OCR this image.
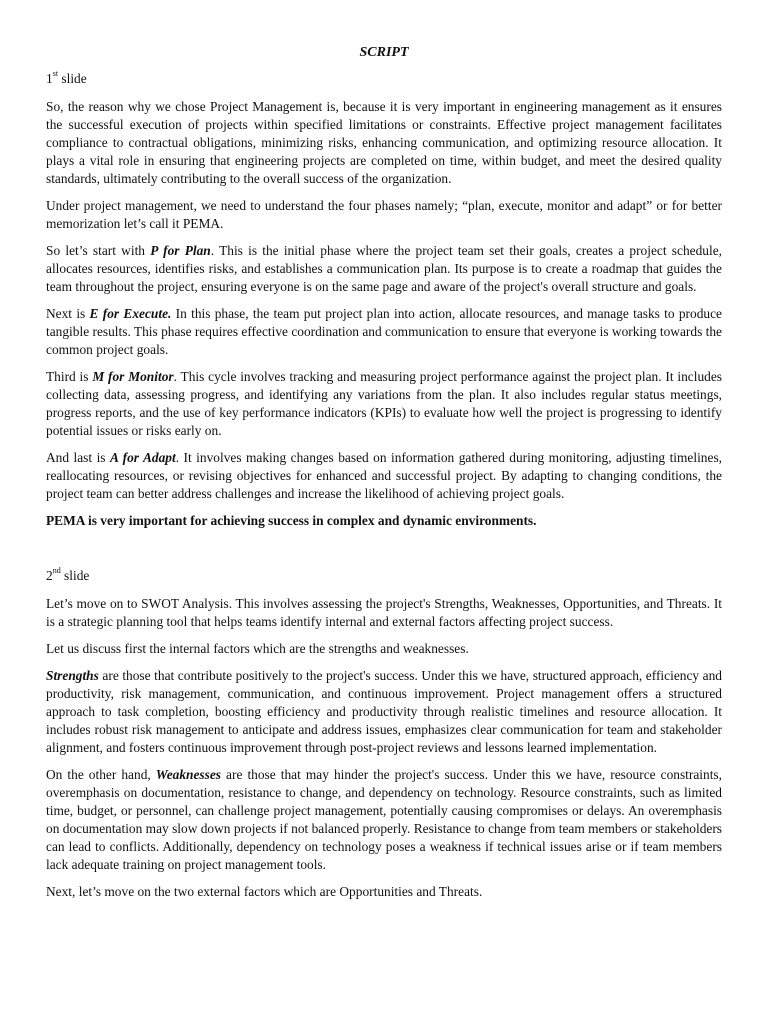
SCRIPT
1st slide

So, the reason why we chose Project Management is, because it is very important in engineering management as it ensures the successful execution of projects within specified limitations or constraints. Effective project management facilitates compliance to contractual obligations, minimizing risks, enhancing communication, and optimizing resource allocation. It plays a vital role in ensuring that engineering projects are completed on time, within budget, and meet the desired quality standards, ultimately contributing to the overall success of the organization.

Under project management, we need to understand the four phases namely; “plan, execute, monitor and adapt” or for better memorization let’s call it PEMA.

So let’s start with P for Plan. This is the initial phase where the project team set their goals, creates a project schedule, allocates resources, identifies risks, and establishes a communication plan. Its purpose is to create a roadmap that guides the team throughout the project, ensuring everyone is on the same page and aware of the project's overall structure and goals.

Next is E for Execute. In this phase, the team put project plan into action, allocate resources, and manage tasks to produce tangible results. This phase requires effective coordination and communication to ensure that everyone is working towards the common project goals.

Third is M for Monitor. This cycle involves tracking and measuring project performance against the project plan. It includes collecting data, assessing progress, and identifying any variations from the plan. It also includes regular status meetings, progress reports, and the use of key performance indicators (KPIs) to evaluate how well the project is progressing to identify potential issues or risks early on.

And last is A for Adapt. It involves making changes based on information gathered during monitoring, adjusting timelines, reallocating resources, or revising objectives for enhanced and successful project. By adapting to changing conditions, the project team can better address challenges and increase the likelihood of achieving project goals.

PEMA is very important for achieving success in complex and dynamic environments.

2nd slide

Let’s move on to SWOT Analysis. This involves assessing the project's Strengths, Weaknesses, Opportunities, and Threats. It is a strategic planning tool that helps teams identify internal and external factors affecting project success.

Let us discuss first the internal factors which are the strengths and weaknesses.

Strengths are those that contribute positively to the project's success. Under this we have, structured approach, efficiency and productivity, risk management, communication, and continuous improvement. Project management offers a structured approach to task completion, boosting efficiency and productivity through realistic timelines and resource allocation. It includes robust risk management to anticipate and address issues, emphasizes clear communication for team and stakeholder alignment, and fosters continuous improvement through post-project reviews and lessons learned implementation.

On the other hand, Weaknesses are those that may hinder the project's success. Under this we have, resource constraints, overemphasis on documentation, resistance to change, and dependency on technology. Resource constraints, such as limited time, budget, or personnel, can challenge project management, potentially causing compromises or delays. An overemphasis on documentation may slow down projects if not balanced properly. Resistance to change from team members or stakeholders can lead to conflicts. Additionally, dependency on technology poses a weakness if technical issues arise or if team members lack adequate training on project management tools.

Next, let’s move on the two external factors which are Opportunities and Threats.
